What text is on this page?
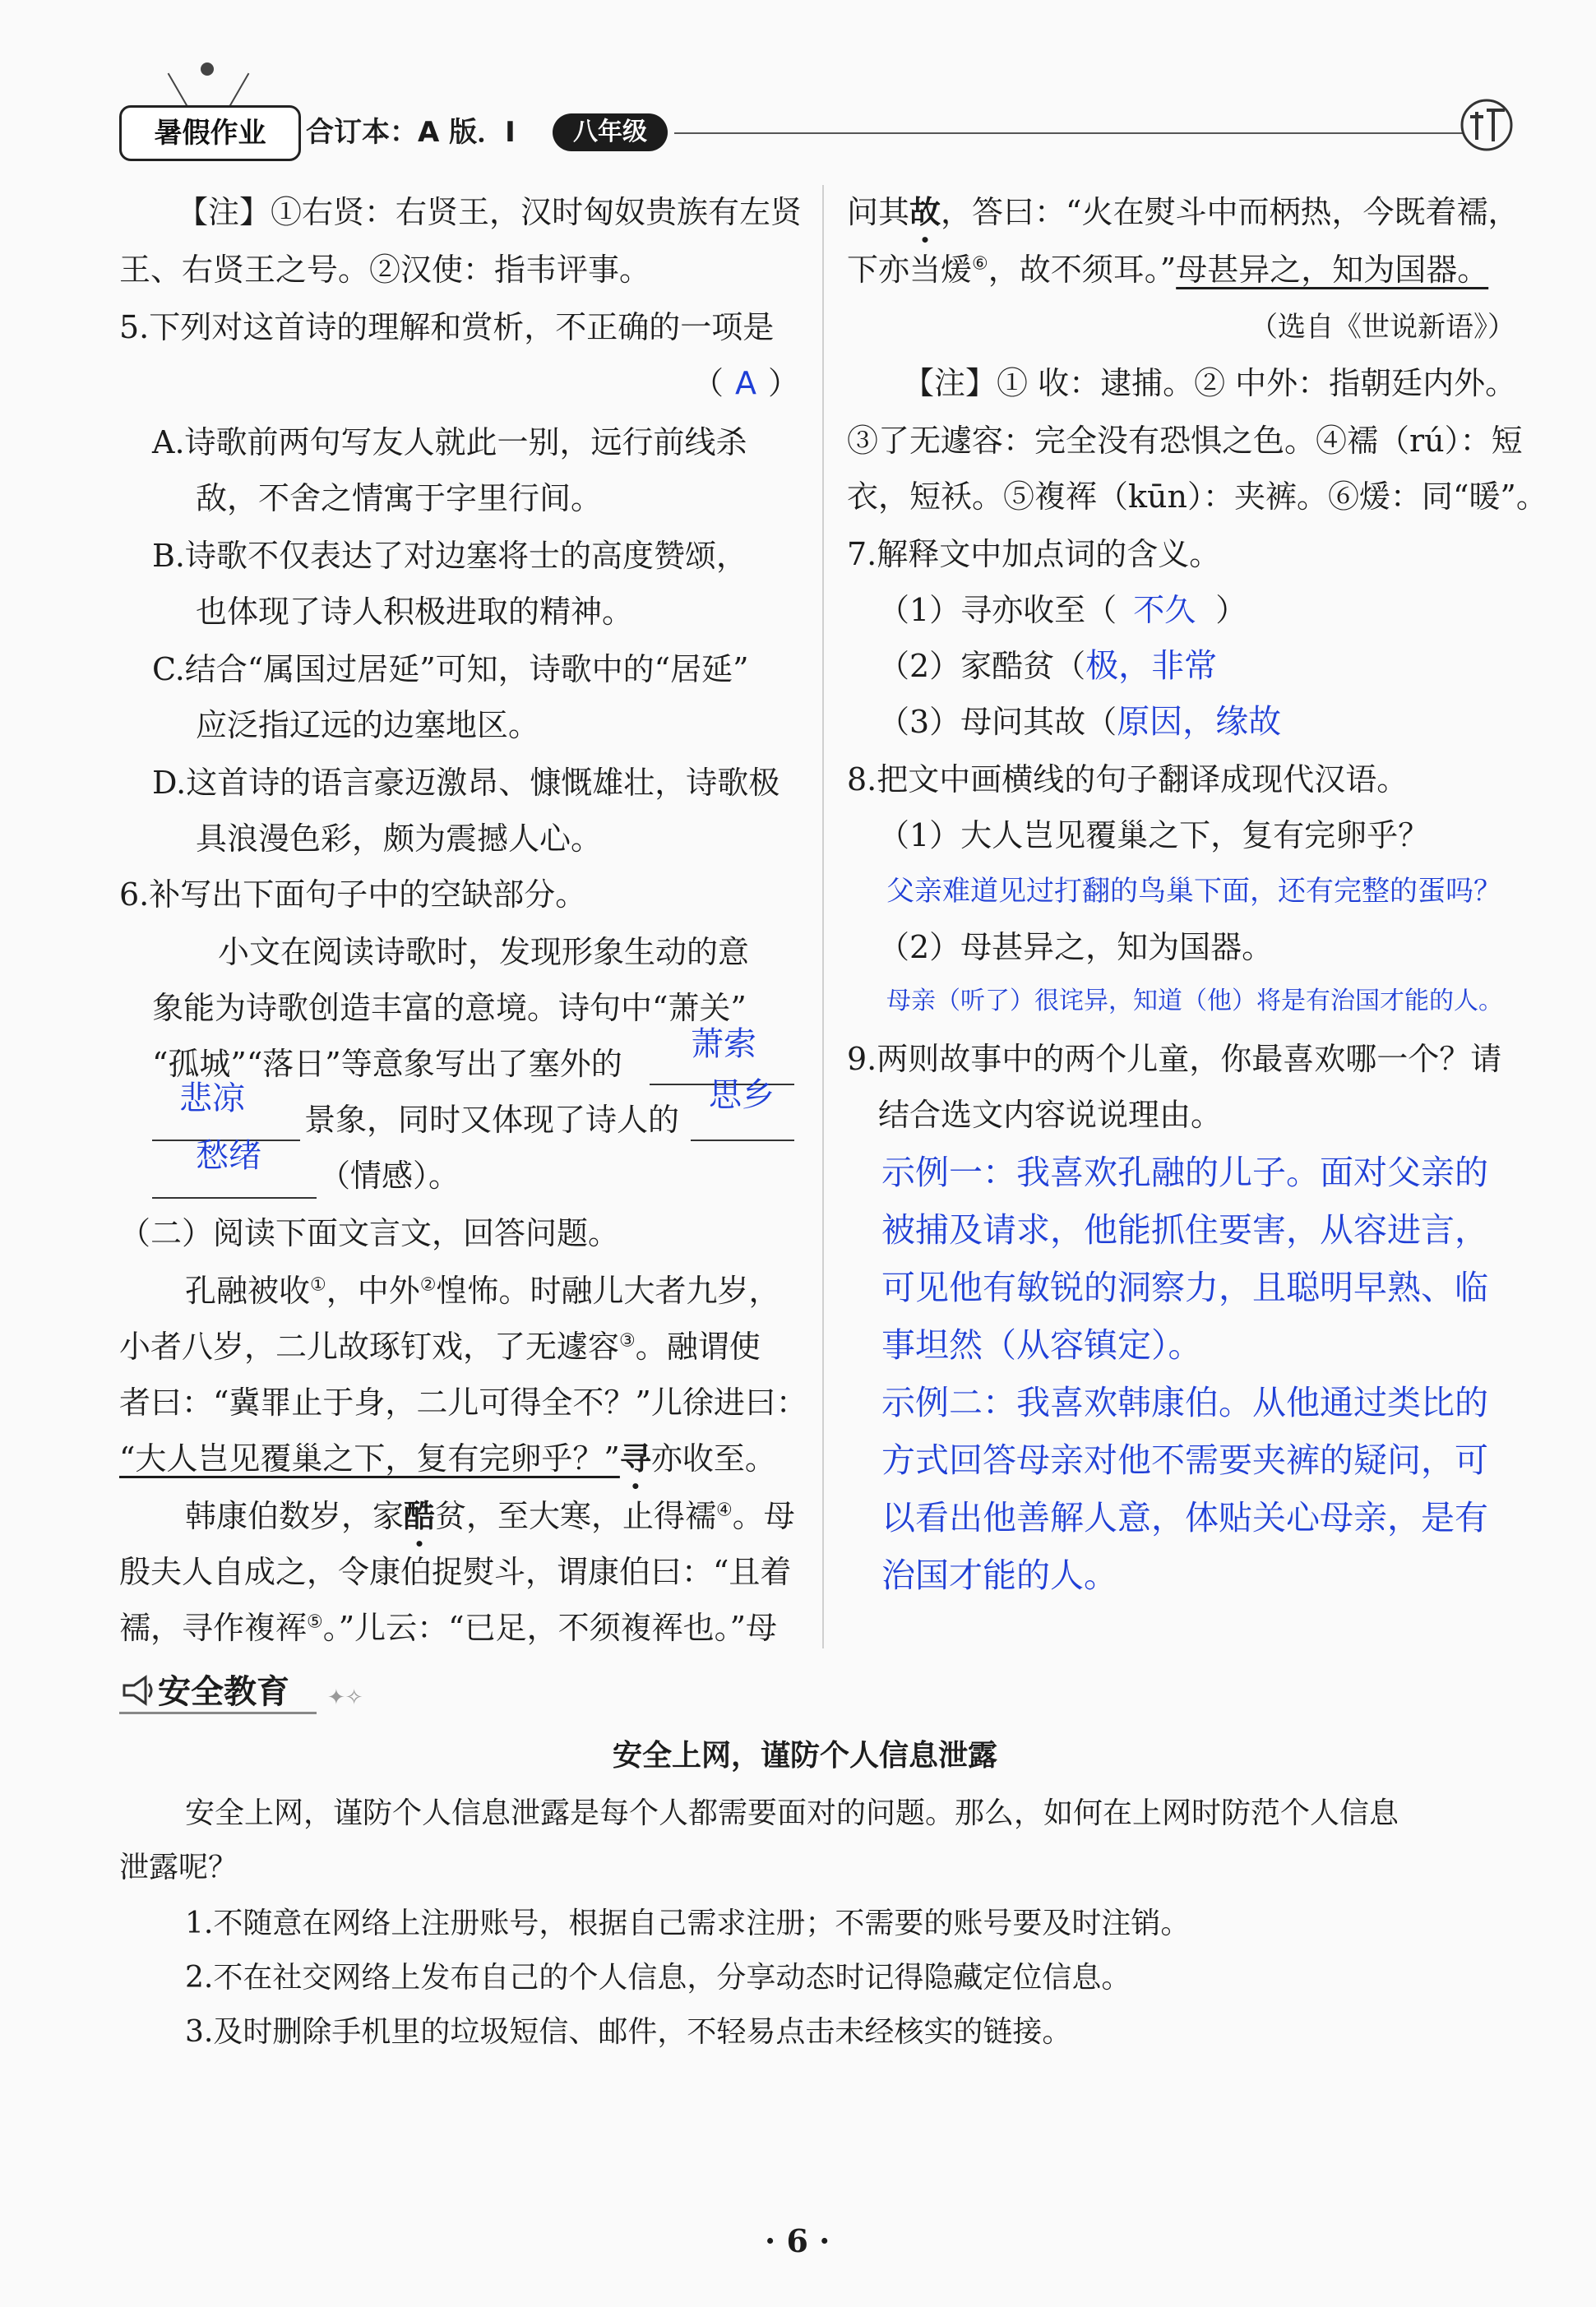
暑假作业	合订本：A 版．I	八年级
【注】①右贤：右贤王，汉时匈奴贵族有左贤
王、右贤王之号。②汉使：指韦评事。
5.下列对这首诗的理解和赏析，不正确的一项是
（ A ）
A.诗歌前两句写友人就此一别，远行前线杀
敌，不舍之情寓于字里行间。
B.诗歌不仅表达了对边塞将士的高度赞颂，
也体现了诗人积极进取的精神。
C.结合“属国过居延”可知，诗歌中的“居延”
应泛指辽远的边塞地区。
D.这首诗的语言豪迈激昂、慷慨雄壮，诗歌极
具浪漫色彩，颇为震撼人心。
6.补写出下面句子中的空缺部分。
小文在阅读诗歌时，发现形象生动的意
象能为诗歌创造丰富的意境。诗句中“萧关”
“孤城”“落日”等意象写出了塞外的
萧索
悲凉
景象，同时又体现了诗人的
思乡
愁绪
（情感）。
（二）阅读下面文言文，回答问题。
孔融被收①，中外②惶怖。时融儿大者九岁，
小者八岁，二儿故琢钉戏，了无遽容③。融谓使
者曰：“冀罪止于身，二儿可得全不？”儿徐进曰：
“大人岂见覆巢之下，复有完卵乎？”寻亦收至。
韩康伯数岁，家酷贫，至大寒，止得襦④。母
殷夫人自成之，令康伯捉熨斗，谓康伯曰：“且着
襦，寻作複裈⑤。”儿云：“已足，不须複裈也。”母
问其故，答曰：“火在熨斗中而柄热，今既着襦，
下亦当煖⑥，故不须耳。”母甚异之，知为国器。
（选自《世说新语》）
【注】① 收：逮捕。② 中外：指朝廷内外。
③了无遽容：完全没有恐惧之色。④襦（rú）：短
衣，短袄。⑤複裈（kūn）：夹裤。⑥煖：同“暖”。
7.解释文中加点词的含义。
（1）寻亦收至（ 不久 ）
（2）家酷贫（极，非常
（3）母问其故（原因，缘故
8.把文中画横线的句子翻译成现代汉语。
（1）大人岂见覆巢之下，复有完卵乎？
父亲难道见过打翻的鸟巢下面，还有完整的蛋吗？
（2）母甚异之，知为国器。
母亲（听了）很诧异，知道（他）将是有治国才能的人。
9.两则故事中的两个儿童，你最喜欢哪一个？请
结合选文内容说说理由。
示例一：我喜欢孔融的儿子。面对父亲的
被捕及请求，他能抓住要害，从容进言，
可见他有敏锐的洞察力，且聪明早熟、临
事坦然（从容镇定）。
示例二：我喜欢韩康伯。从他通过类比的
方式回答母亲对他不需要夹裤的疑问，可
以看出他善解人意，体贴关心母亲，是有
治国才能的人。
安全教育 ✦✧
安全上网，谨防个人信息泄露
安全上网，谨防个人信息泄露是每个人都需要面对的问题。那么，如何在上网时防范个人信息
泄露呢？
1.不随意在网络上注册账号，根据自己需求注册；不需要的账号要及时注销。
2.不在社交网络上发布自己的个人信息，分享动态时记得隐藏定位信息。
3.及时删除手机里的垃圾短信、邮件，不轻易点击未经核实的链接。
· 6 ·
